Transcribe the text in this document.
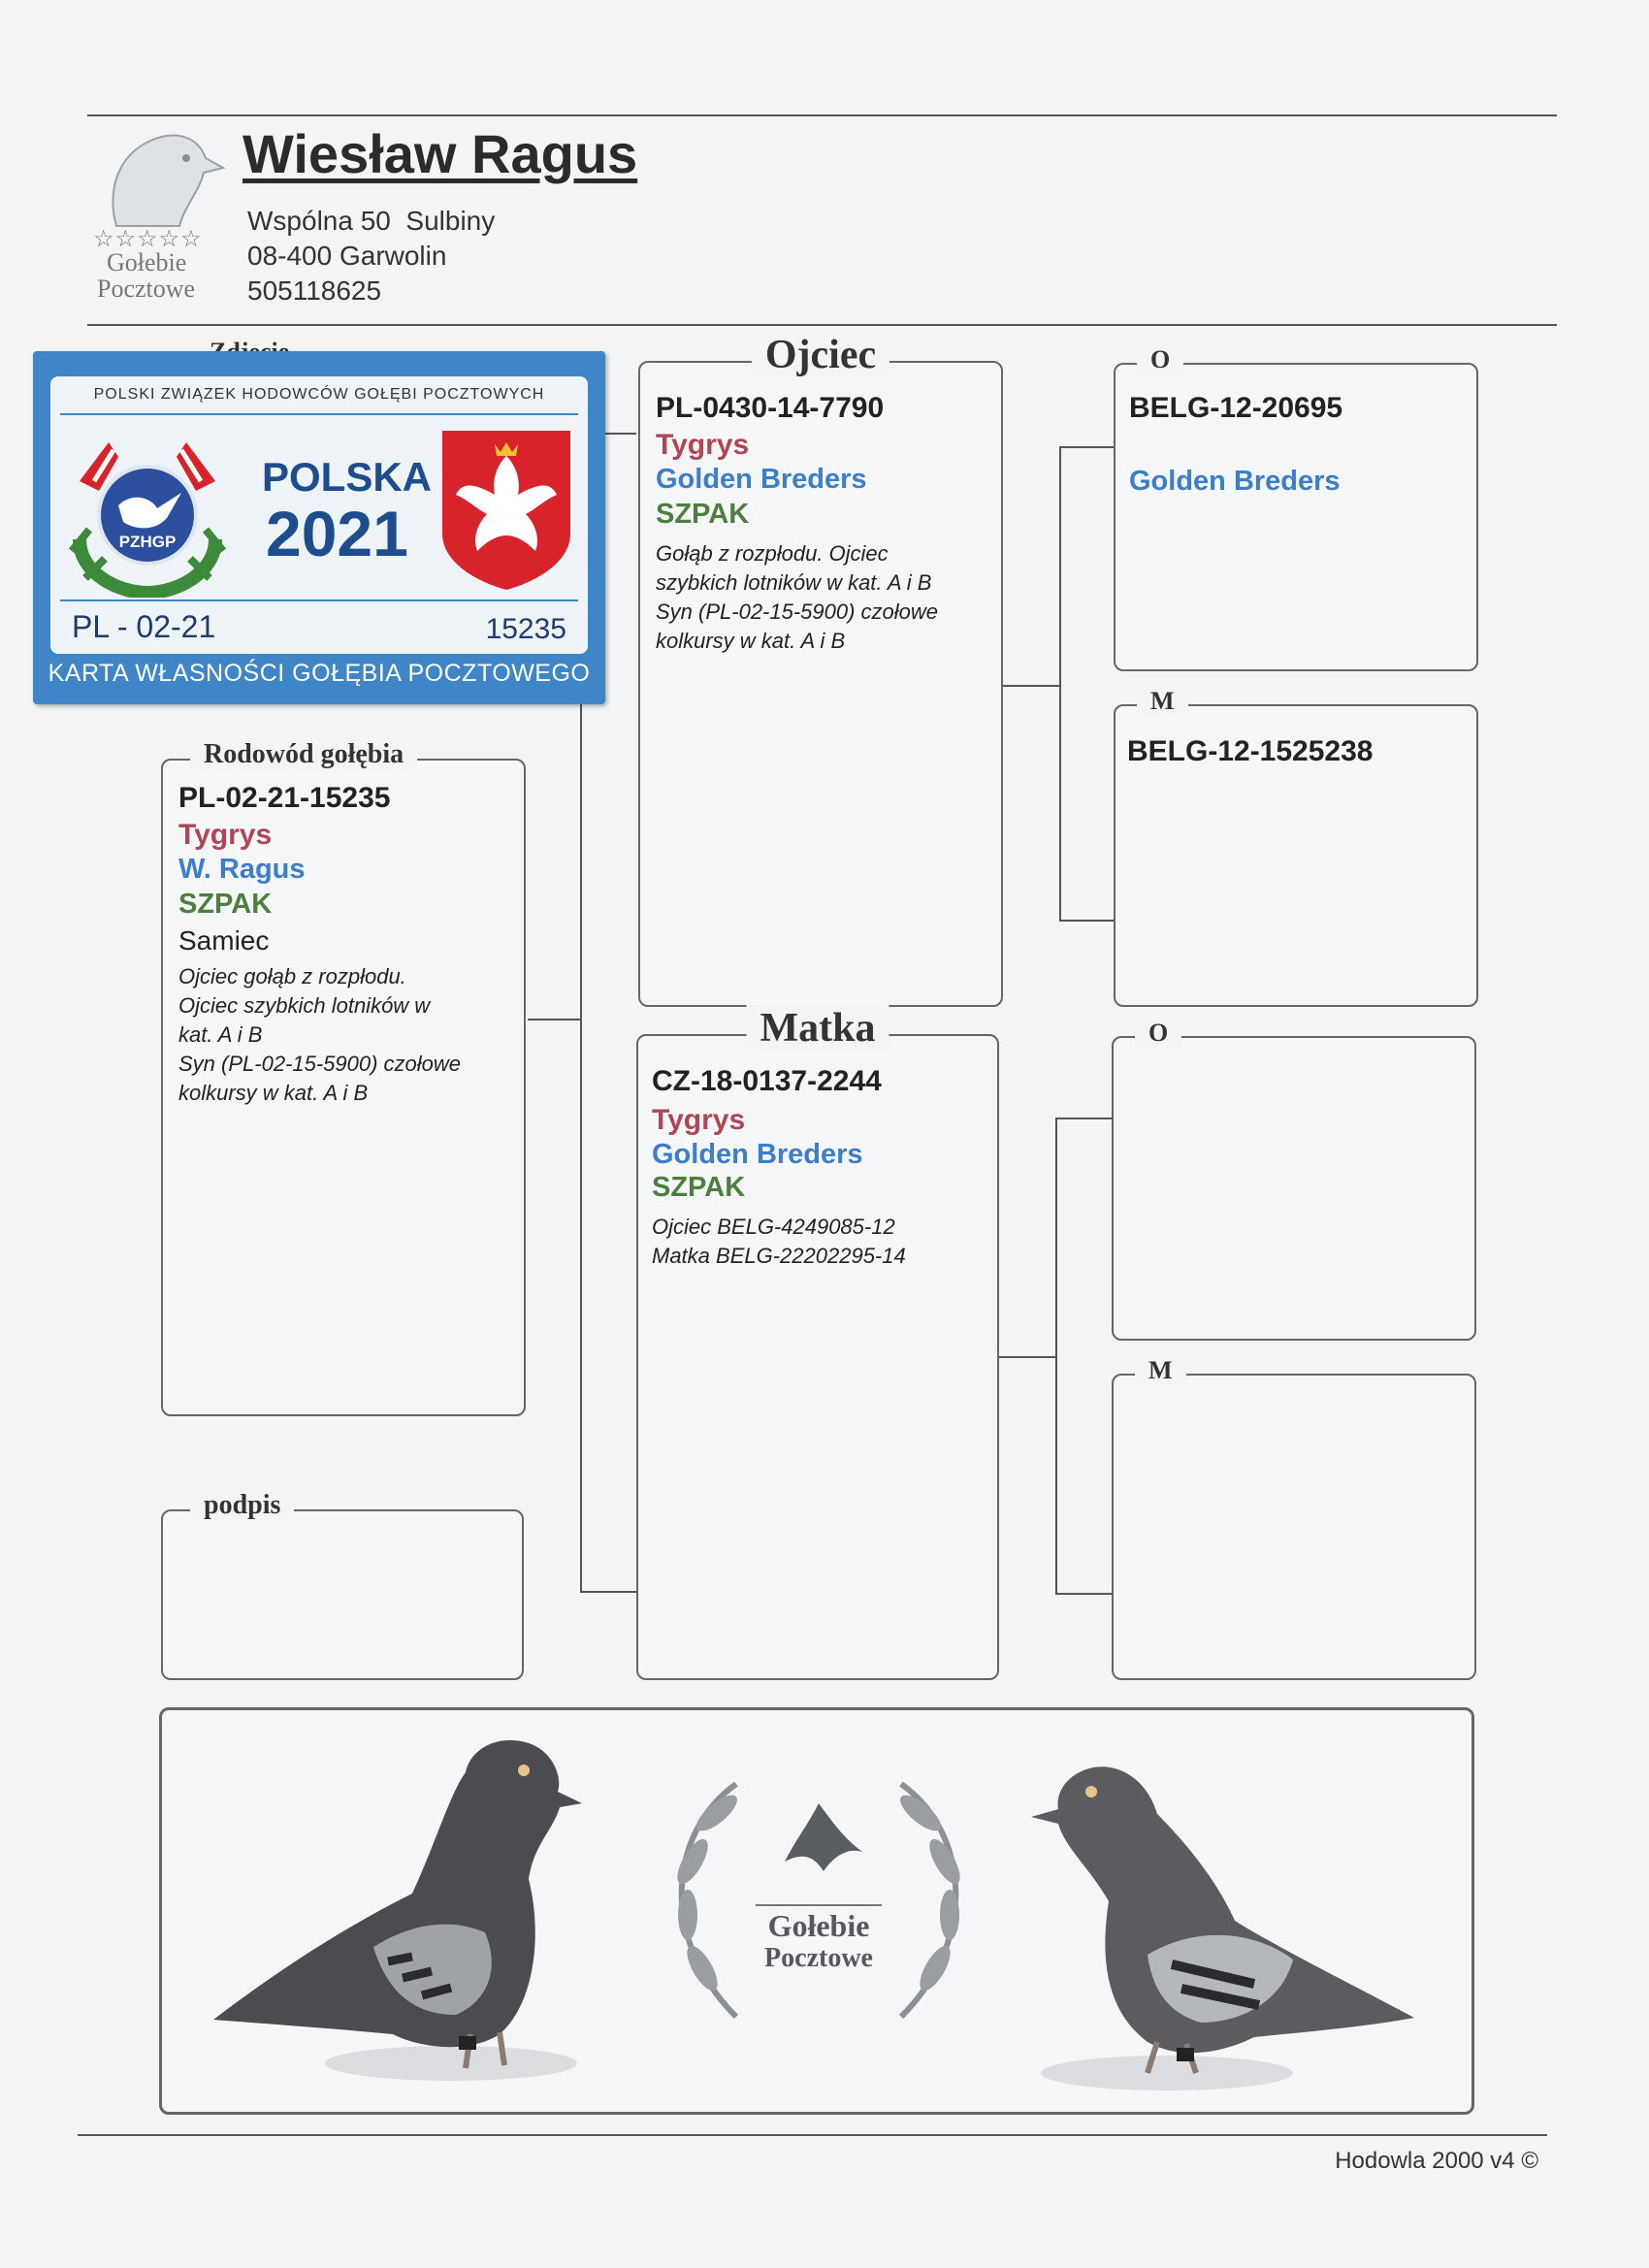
☆☆☆☆☆
Gołebie
Pocztowe
Wiesław Ragus
Wspólna 50  Sulbiny
08-400 Garwolin
505118625
Rodowód gołębia
PL-02-21-15235
Tygrys
W. Ragus
SZPAK
Samiec
Ojciec gołąb z rozpłodu.
Ojciec szybkich lotników w
kat. A i B
Syn (PL-02-15-5900) czołowe
kolkursy w kat. A i B
podpis
Ojciec
PL-0430-14-7790
Tygrys
Golden Breders
SZPAK
Gołąb z rozpłodu. Ojciec
szybkich lotników w kat. A i B
Syn (PL-02-15-5900) czołowe
kolkursy w kat. A i B
Matka
CZ-18-0137-2244
Tygrys
Golden Breders
SZPAK
Ojciec BELG-4249085-12
Matka BELG-22202295-14
O
BELG-12-20695
Golden Breders
M
BELG-12-1525238
O
M
POLSKI ZWIĄZEK HODOWCÓW GOŁĘBI POCZTOWYCH
PZHGP
POLSKA
2021
PL - 02-21	15235
KARTA WŁASNOŚCI GOŁĘBIA POCZTOWEGO
Gołebie
Pocztowe
Hodowla 2000 v4 ©
